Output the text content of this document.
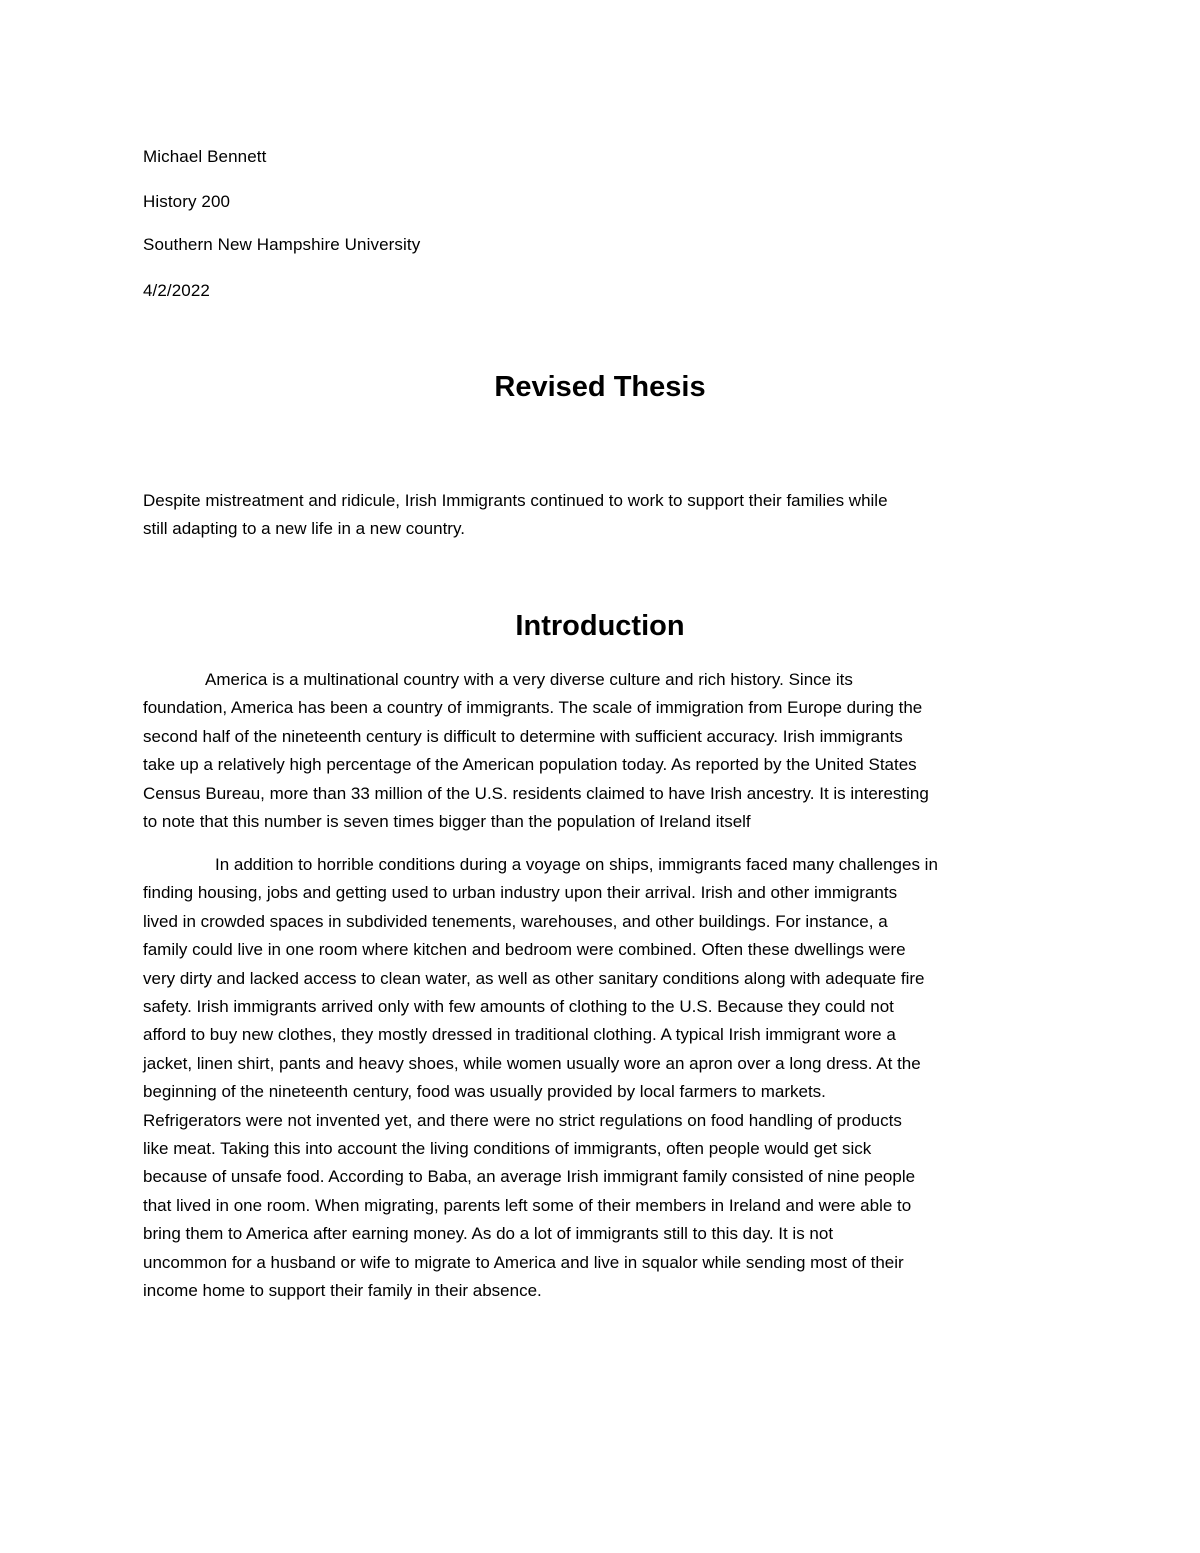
Michael Bennett
History 200
Southern New Hampshire University
4/2/2022
Revised Thesis

Despite mistreatment and ridicule, Irish Immigrants continued to work to support their families while
still adapting to a new life in a new country.

Introduction

America is a multinational country with a very diverse culture and rich history. Since its
foundation, America has been a country of immigrants. The scale of immigration from Europe during the
second half of the nineteenth century is difficult to determine with sufficient accuracy. Irish immigrants
take up a relatively high percentage of the American population today. As reported by the United States
Census Bureau, more than 33 million of the U.S. residents claimed to have Irish ancestry. It is interesting
to note that this number is seven times bigger than the population of Ireland itself

In addition to horrible conditions during a voyage on ships, immigrants faced many challenges in
finding housing, jobs and getting used to urban industry upon their arrival. Irish and other immigrants
lived in crowded spaces in subdivided tenements, warehouses, and other buildings. For instance, a
family could live in one room where kitchen and bedroom were combined. Often these dwellings were
very dirty and lacked access to clean water, as well as other sanitary conditions along with adequate fire
safety. Irish immigrants arrived only with few amounts of clothing to the U.S. Because they could not
afford to buy new clothes, they mostly dressed in traditional clothing. A typical Irish immigrant wore a
jacket, linen shirt, pants and heavy shoes, while women usually wore an apron over a long dress. At the
beginning of the nineteenth century, food was usually provided by local farmers to markets.
Refrigerators were not invented yet, and there were no strict regulations on food handling of products
like meat. Taking this into account the living conditions of immigrants, often people would get sick
because of unsafe food. According to Baba, an average Irish immigrant family consisted of nine people
that lived in one room. When migrating, parents left some of their members in Ireland and were able to
bring them to America after earning money. As do a lot of immigrants still to this day. It is not
uncommon for a husband or wife to migrate to America and live in squalor while sending most of their
income home to support their family in their absence.
